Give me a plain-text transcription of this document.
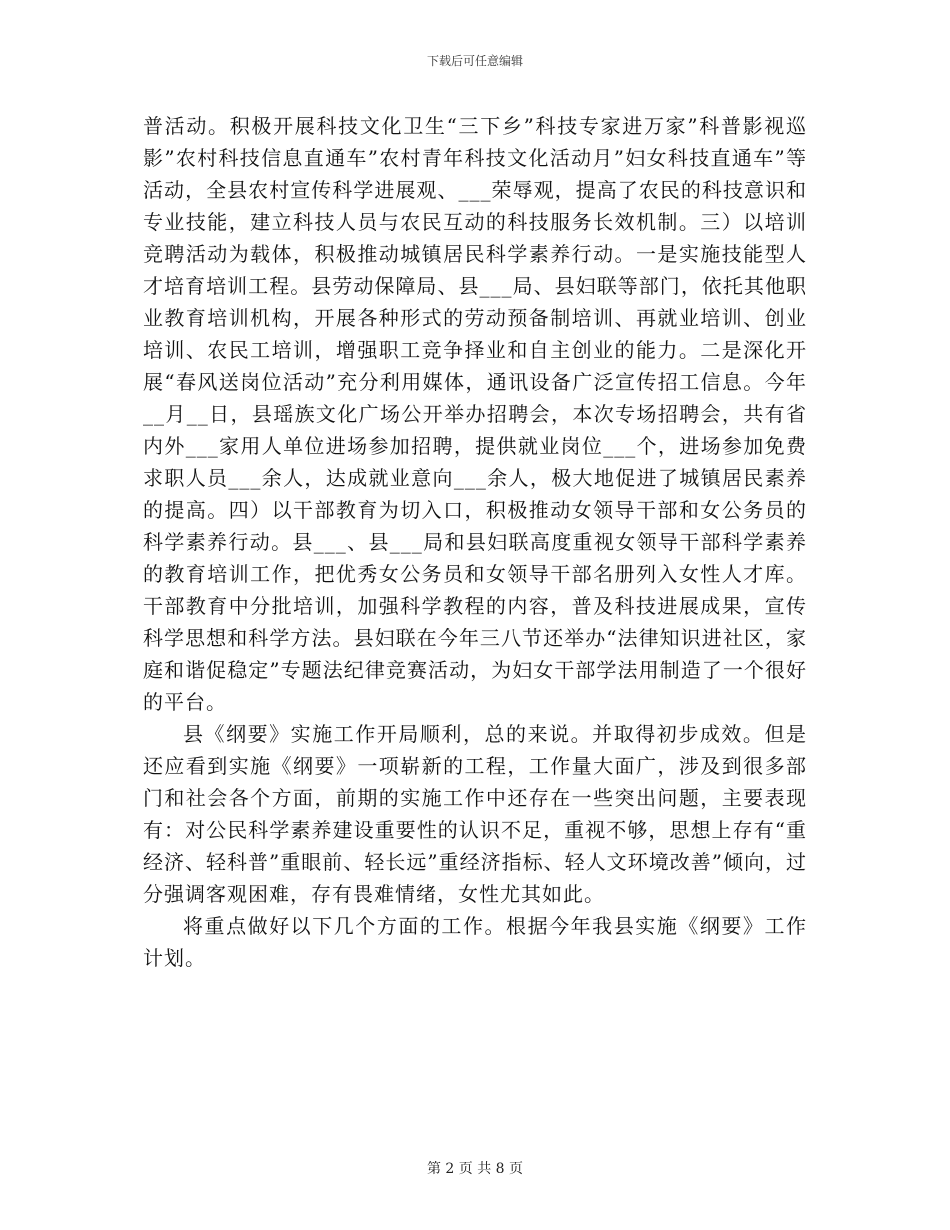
下载后可任意编辑

普活动。积极开展科技文化卫生“三下乡”科技专家进万家”科普影视巡影”农村科技信息直通车”农村青年科技文化活动月”妇女科技直通车”等活动，全县农村宣传科学进展观、___荣辱观，提高了农民的科技意识和专业技能，建立科技人员与农民互动的科技服务长效机制。三）以培训竞聘活动为载体，积极推动城镇居民科学素养行动。一是实施技能型人才培育培训工程。县劳动保障局、县___局、县妇联等部门，依托其他职业教育培训机构，开展各种形式的劳动预备制培训、再就业培训、创业培训、农民工培训，增强职工竞争择业和自主创业的能力。二是深化开展“春风送岗位活动”充分利用媒体，通讯设备广泛宣传招工信息。今年__月__日，县瑶族文化广场公开举办招聘会，本次专场招聘会，共有省内外___家用人单位进场参加招聘，提供就业岗位___个，进场参加免费求职人员___余人，达成就业意向___余人，极大地促进了城镇居民素养的提高。四）以干部教育为切入口，积极推动女领导干部和女公务员的科学素养行动。县___、县___局和县妇联高度重视女领导干部科学素养的教育培训工作，把优秀女公务员和女领导干部名册列入女性人才库。干部教育中分批培训，加强科学教程的内容，普及科技进展成果，宣传科学思想和科学方法。县妇联在今年三八节还举办“法律知识进社区，家庭和谐促稳定”专题法纪律竞赛活动，为妇女干部学法用制造了一个很好的平台。

县《纲要》实施工作开局顺利，总的来说。并取得初步成效。但是还应看到实施《纲要》一项崭新的工程，工作量大面广，涉及到很多部门和社会各个方面，前期的实施工作中还存在一些突出问题，主要表现有：对公民科学素养建设重要性的认识不足，重视不够，思想上存有“重经济、轻科普”重眼前、轻长远”重经济指标、轻人文环境改善”倾向，过分强调客观困难，存有畏难情绪，女性尤其如此。

将重点做好以下几个方面的工作。根据今年我县实施《纲要》工作计划。

第 2 页 共 8 页
